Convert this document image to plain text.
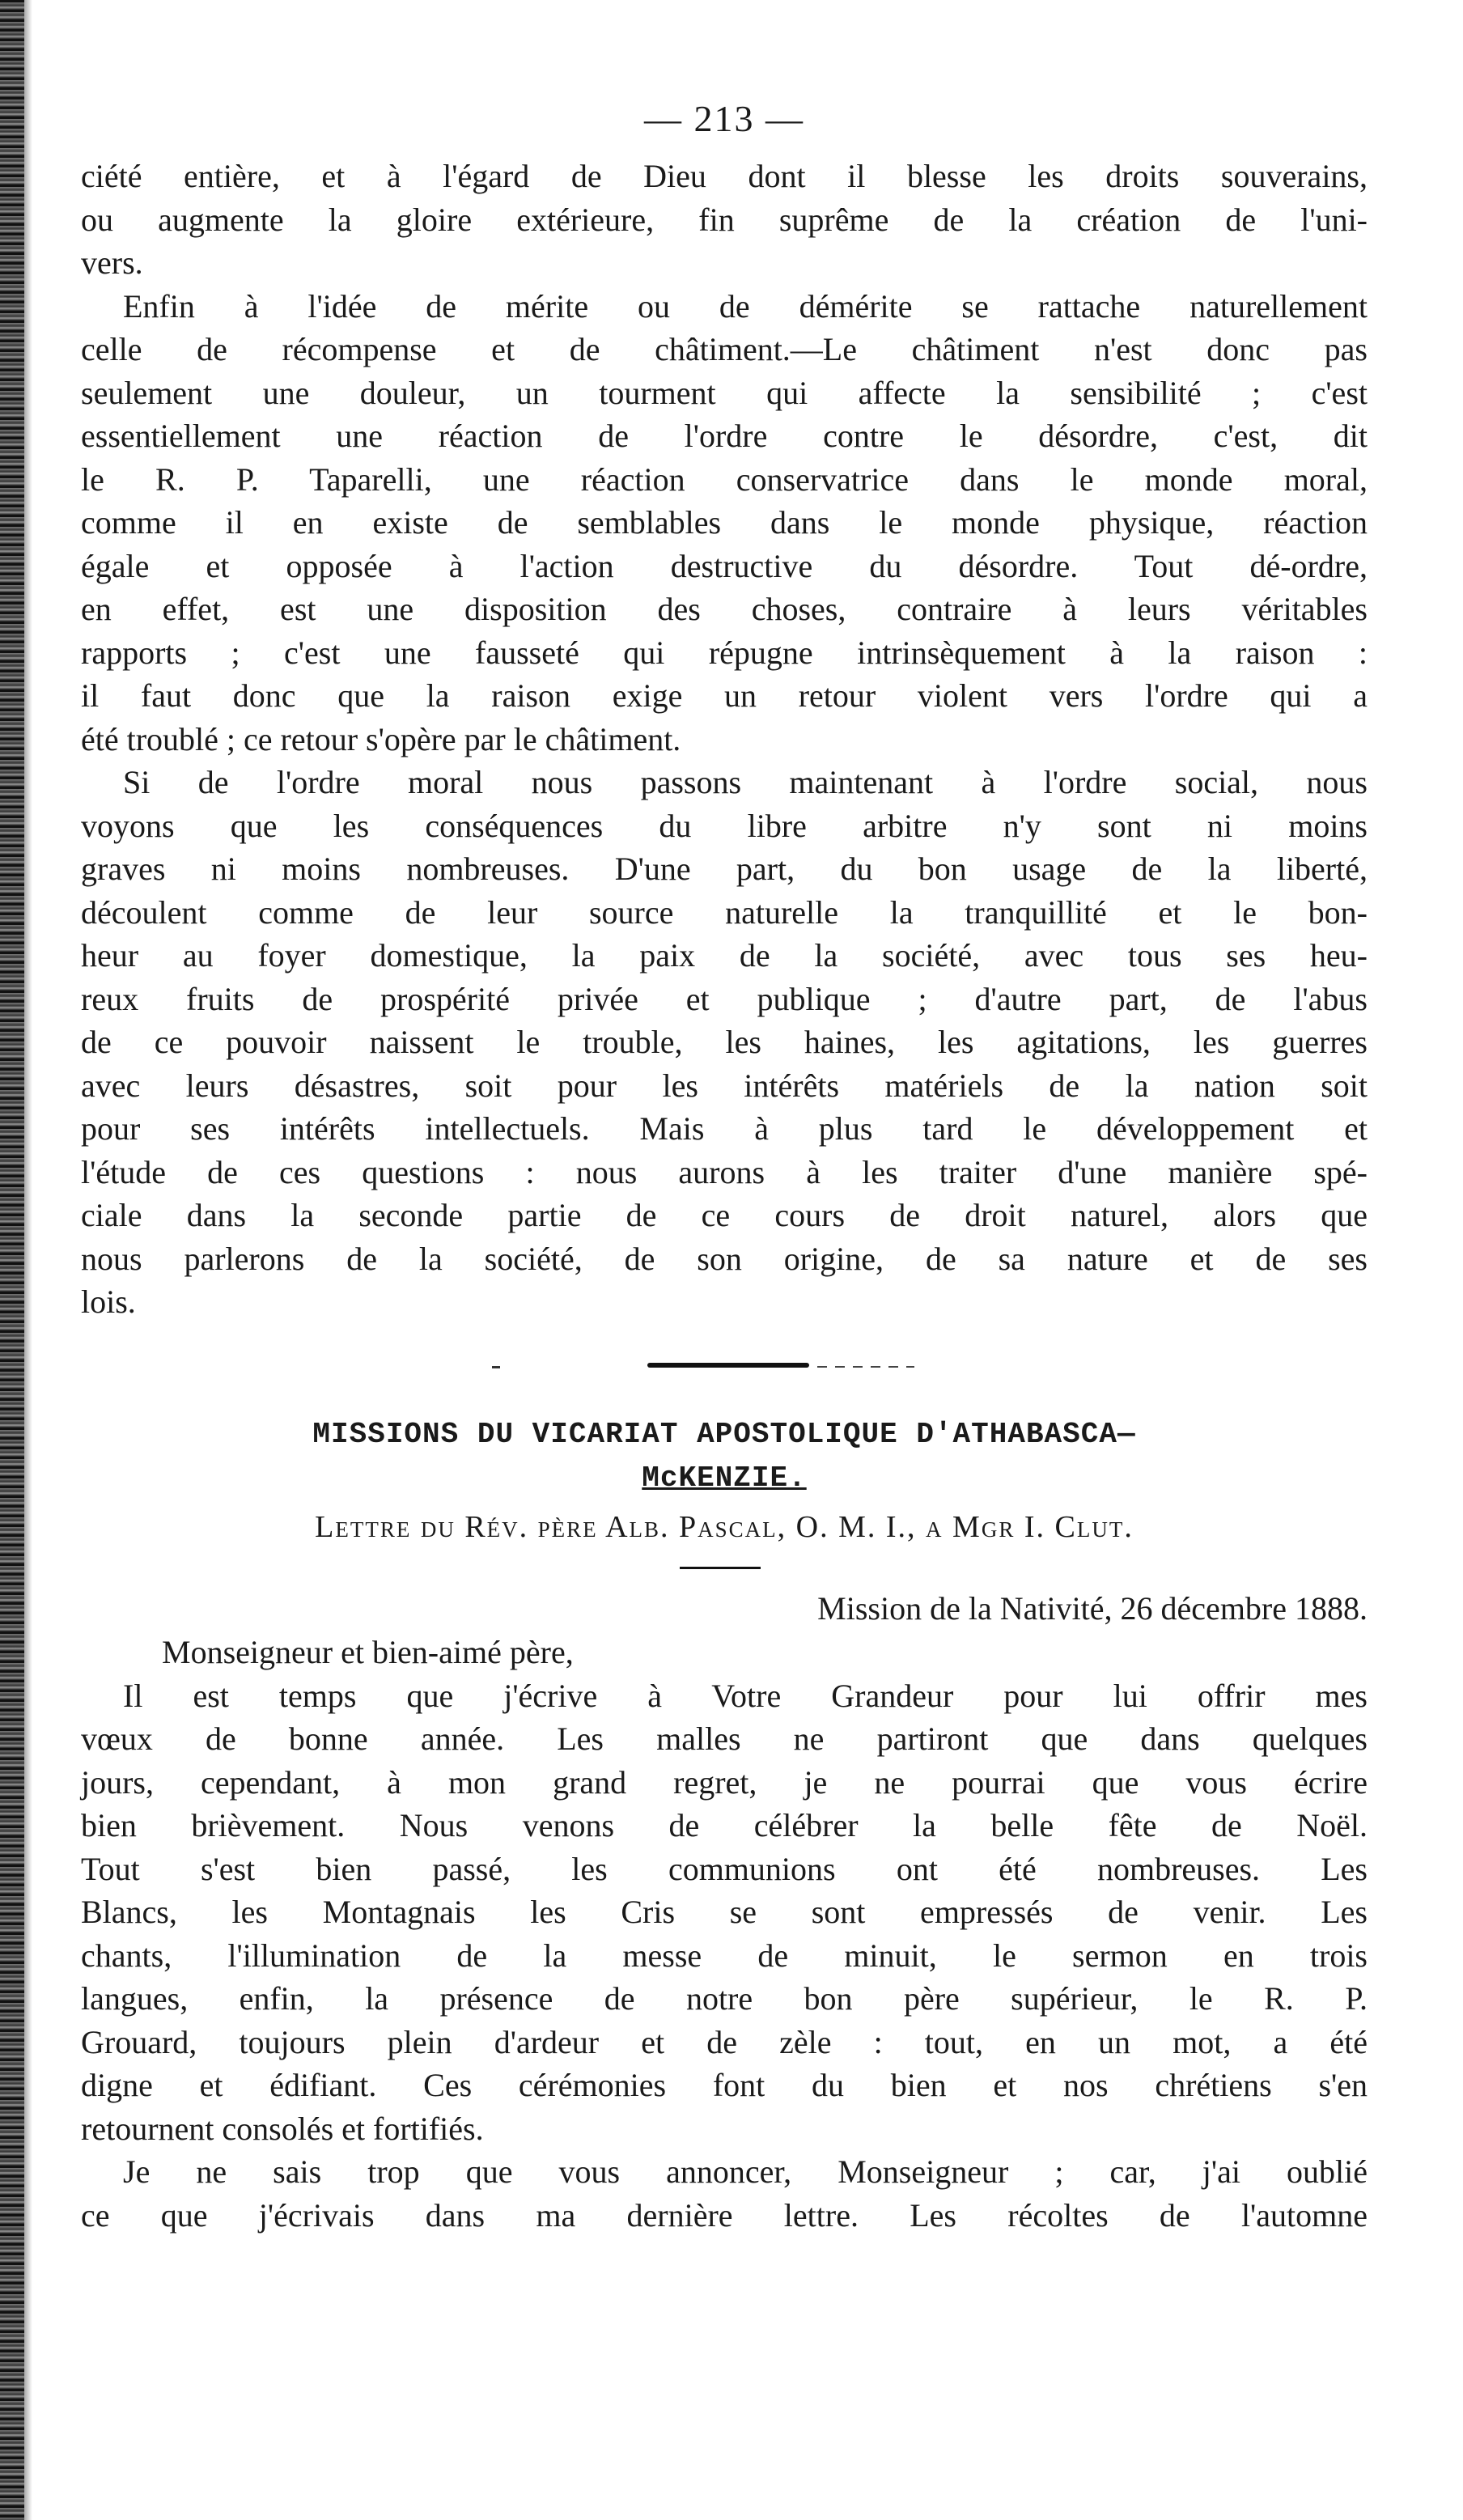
— 213 —
ciété entière, et à l'égard de Dieu dont il blesse les droits souverains,
ou augmente la gloire extérieure, fin suprême de la création de l'uni-
vers.
Enfin à l'idée de mérite ou de démérite se rattache naturellement
celle de récompense et de châtiment.—Le châtiment n'est donc pas
seulement une douleur, un tourment qui affecte la sensibilité ; c'est
essentiellement une réaction de l'ordre contre le désordre, c'est, dit
le R. P. Taparelli, une réaction conservatrice dans le monde moral,
comme il en existe de semblables dans le monde physique, réaction
égale et opposée à l'action destructive du désordre. Tout dé-ordre,
en effet, est une disposition des choses, contraire à leurs véritables
rapports ; c'est une fausseté qui répugne intrinsèquement à la raison :
il faut donc que la raison exige un retour violent vers l'ordre qui a
été troublé ; ce retour s'opère par le châtiment.
Si de l'ordre moral nous passons maintenant à l'ordre social, nous
voyons que les conséquences du libre arbitre n'y sont ni moins
graves ni moins nombreuses. D'une part, du bon usage de la liberté,
découlent comme de leur source naturelle la tranquillité et le bon-
heur au foyer domestique, la paix de la société, avec tous ses heu-
reux fruits de prospérité privée et publique ; d'autre part, de l'abus
de ce pouvoir naissent le trouble, les haines, les agitations, les guerres
avec leurs désastres, soit pour les intérêts matériels de la nation soit
pour ses intérêts intellectuels. Mais à plus tard le développement et
l'étude de ces questions : nous aurons à les traiter d'une manière spé-
ciale dans la seconde partie de ce cours de droit naturel, alors que
nous parlerons de la société, de son origine, de sa nature et de ses
lois.

MISSIONS DU VICARIAT APOSTOLIQUE D'ATHABASCA—

McKENZIE.

Lettre du Rév. père Alb. Pascal, O. M. I., a Mgr I. Clut.

Mission de la Nativité, 26 décembre 1888.

Monseigneur et bien-aimé père,

Il est temps que j'écrive à Votre Grandeur pour lui offrir mes
vœux de bonne année. Les malles ne partiront que dans quelques
jours, cependant, à mon grand regret, je ne pourrai que vous écrire
bien brièvement. Nous venons de célébrer la belle fête de Noël.
Tout s'est bien passé, les communions ont été nombreuses. Les
Blancs, les Montagnais les Cris se sont empressés de venir. Les
chants, l'illumination de la messe de minuit, le sermon en trois
langues, enfin, la présence de notre bon père supérieur, le R. P.
Grouard, toujours plein d'ardeur et de zèle : tout, en un mot, a été
digne et édifiant. Ces cérémonies font du bien et nos chrétiens s'en
retournent consolés et fortifiés.
Je ne sais trop que vous annoncer, Monseigneur ; car, j'ai oublié
ce que j'écrivais dans ma dernière lettre. Les récoltes de l'automne
